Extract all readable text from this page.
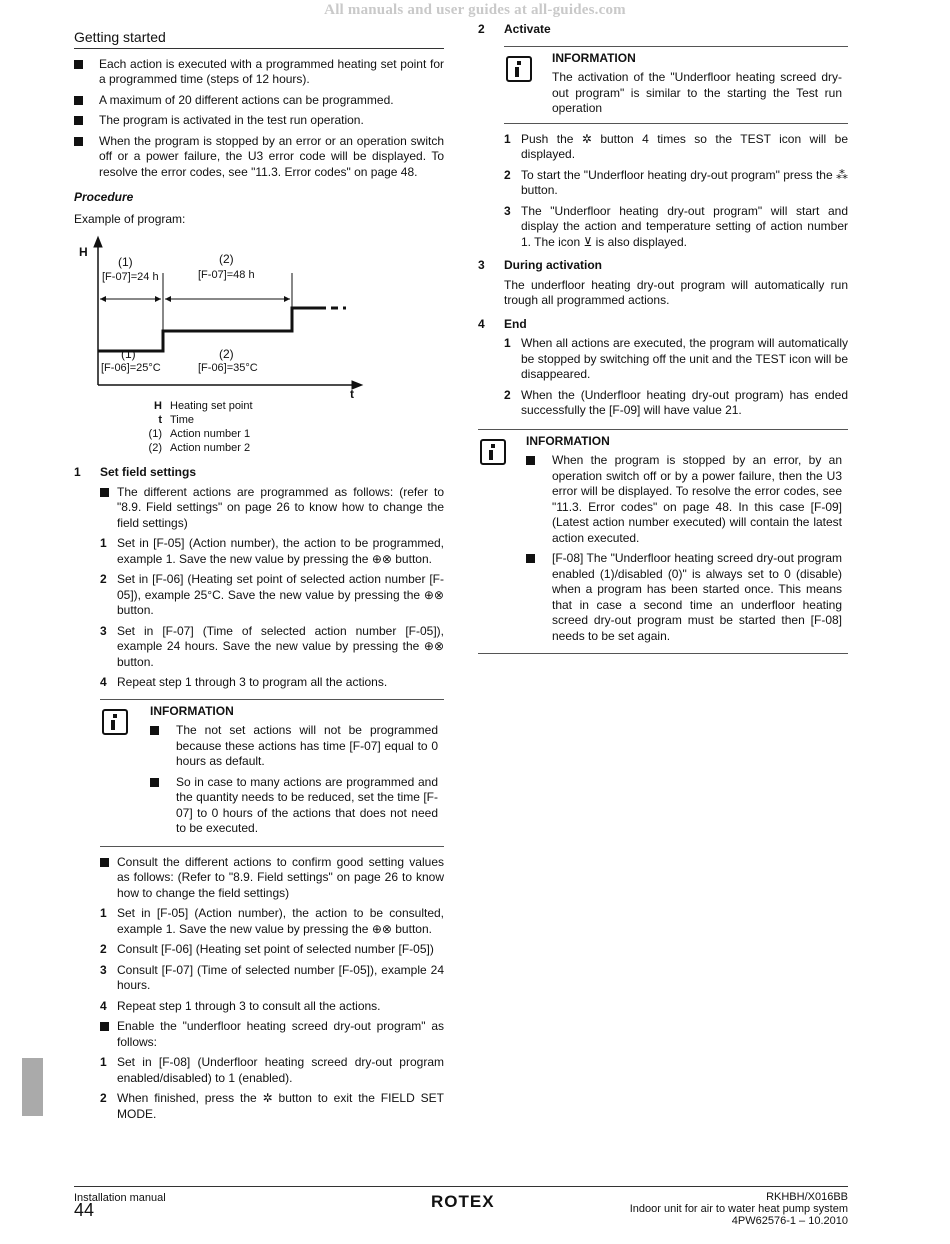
All manuals and user guides at all-guides.com
Getting started
Each action is executed with a programmed heating set point for a programmed time (steps of 12 hours).
A maximum of 20 different actions can be programmed.
The program is activated in the test run operation.
When the program is stopped by an error or an operation switch off or a power failure, the U3 error code will be displayed. To resolve the error codes, see "11.3. Error codes" on page 48.
Procedure
Example of program:
H
t
(1)
[F-07]=24 h
(2)
[F-07]=48 h
(1)
[F-06]=25°C
(2)
[F-06]=35°C
H Heating set point
t Time
(1) Action number 1
(2) Action number 2
1 Set field settings
The different actions are programmed as follows: (refer to "8.9. Field settings" on page 26 to know how to change the field settings)
1 Set in [F-05] (Action number), the action to be programmed, example 1. Save the new value by pressing the ⊕⊗ button.
2 Set in [F-06] (Heating set point of selected action number [F-05]), example 25°C. Save the new value by pressing the ⊕⊗ button.
3 Set in [F-07] (Time of selected action number [F-05]), example 24 hours. Save the new value by pressing the ⊕⊗ button.
4 Repeat step 1 through 3 to program all the actions.
INFORMATION
The not set actions will not be programmed because these actions has time [F-07] equal to 0 hours as default.
So in case to many actions are programmed and the quantity needs to be reduced, set the time [F-07] to 0 hours of the actions that does not need to be executed.
Consult the different actions to confirm good setting values as follows: (Refer to "8.9. Field settings" on page 26 to know how to change the field settings)
1 Set in [F-05] (Action number), the action to be consulted, example 1. Save the new value by pressing the ⊕⊗ button.
2 Consult [F-06] (Heating set point of selected number [F-05])
3 Consult [F-07] (Time of selected number [F-05]), example 24 hours.
4 Repeat step 1 through 3 to consult all the actions.
Enable the "underfloor heating screed dry-out program" as follows:
1 Set in [F-08] (Underfloor heating screed dry-out program enabled/disabled) to 1 (enabled).
2 When finished, press the ✲ button to exit the FIELD SET MODE.
2 Activate
INFORMATION
The activation of the "Underfloor heating screed dry-out program" is similar to the starting the Test run operation
1 Push the ✲ button 4 times so the TEST icon will be displayed.
2 To start the "Underfloor heating dry-out program" press the ⁂ button.
3 The "Underfloor heating dry-out program" will start and display the action and temperature setting of action number 1. The icon ⊻ is also displayed.
3 During activation
The underfloor heating dry-out program will automatically run trough all programmed actions.
4 End
1 When all actions are executed, the program will automatically be stopped by switching off the unit and the TEST icon will be disappeared.
2 When the (Underfloor heating dry-out program) has ended successfully the [F-09] will have value 21.
INFORMATION
When the program is stopped by an error, by an operation switch off or by a power failure, then the U3 error will be displayed. To resolve the error codes, see "11.3. Error codes" on page 48. In this case [F-09] (Latest action number executed) will contain the latest action executed.
[F-08] The "Underfloor heating screed dry-out program enabled (1)/disabled (0)" is always set to 0 (disable) when a program has been started once. This means that in case a second time an underfloor heating screed dry-out program must be started then [F-08] needs to be set again.
Installation manual
44	ROTEX	RKHBH/X016BB
Indoor unit for air to water heat pump system
4PW62576-1 – 10.2010
